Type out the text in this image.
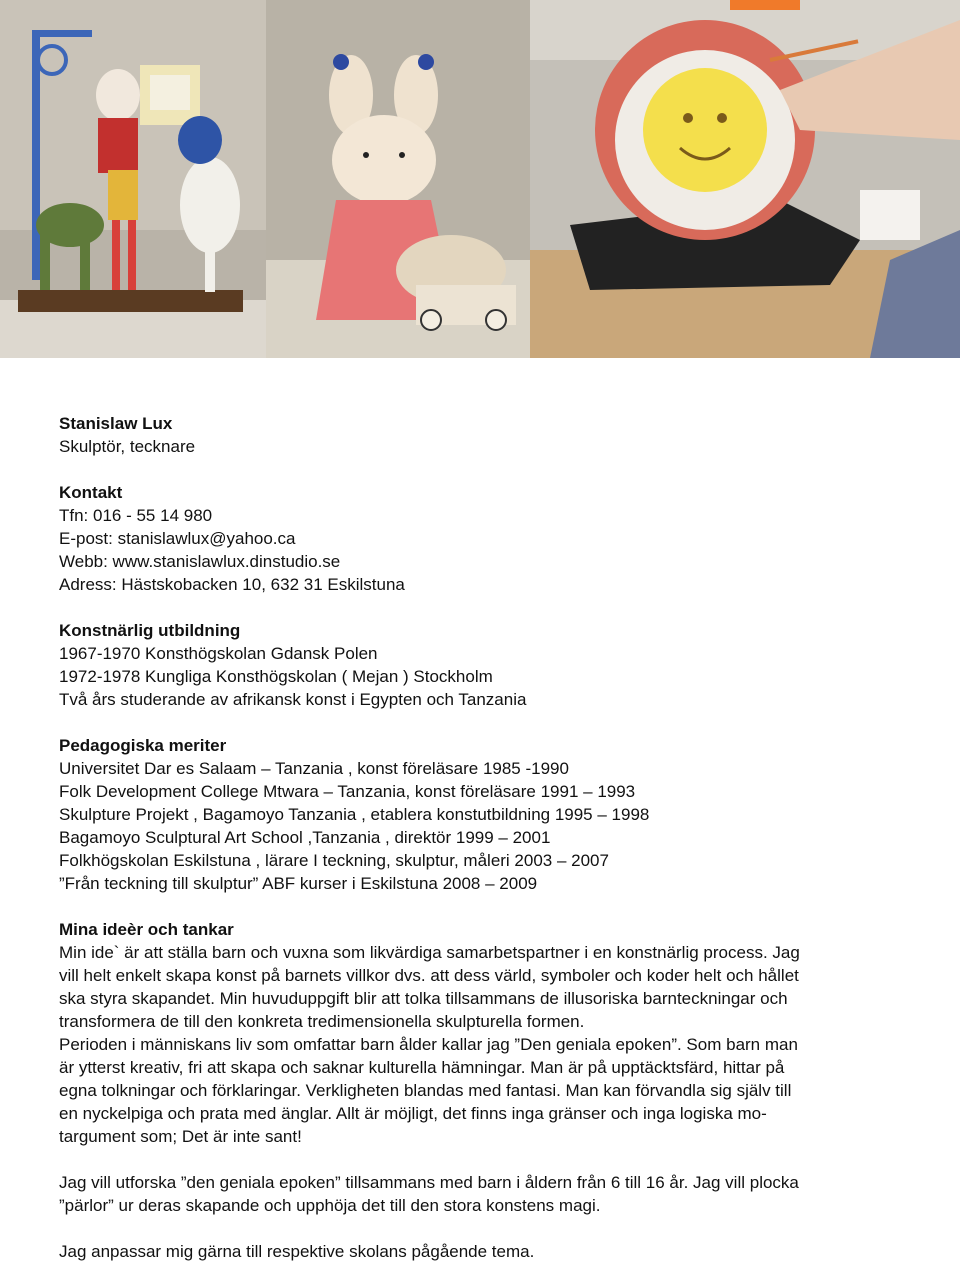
Stanislaw Lux

Skulptör, tecknare

Kontakt

Tfn: 016 - 55 14 980

E-post: stanislawlux@yahoo.ca

Webb: www.stanislawlux.dinstudio.se

Adress: Hästskobacken 10, 632 31 Eskilstuna

Konstnärlig utbildning

1967-1970 Konsthögskolan Gdansk Polen

1972-1978 Kungliga Konsthögskolan ( Mejan ) Stockholm

Två års studerande av afrikansk konst i Egypten och Tanzania

Pedagogiska meriter

Universitet Dar es Salaam – Tanzania , konst föreläsare 1985 -1990

Folk Development College Mtwara – Tanzania, konst föreläsare 1991 – 1993

Skulpture Projekt , Bagamoyo Tanzania , etablera konstutbildning 1995 – 1998

Bagamoyo Sculptural Art School ,Tanzania , direktör 1999 – 2001

Folkhögskolan Eskilstuna , lärare I teckning, skulptur, måleri 2003 – 2007

”Från teckning till skulptur” ABF kurser i Eskilstuna 2008 – 2009

Mina ideèr och tankar

Min ide` är att ställa barn och vuxna som likvärdiga samarbetspartner i en konstnärlig process. Jag

vill helt enkelt skapa konst på barnets villkor dvs. att dess värld, symboler och koder helt och hållet

ska styra skapandet. Min huvuduppgift blir att tolka tillsammans de illusoriska barnteckningar och

transformera de till den konkreta tredimensionella skulpturella formen.

Perioden i människans liv som omfattar barn ålder kallar jag ”Den geniala epoken”. Som barn man

är ytterst kreativ, fri att skapa och saknar kulturella hämningar. Man är på upptäcktsfärd, hittar på

egna tolkningar och förklaringar. Verkligheten blandas med fantasi. Man kan förvandla sig själv till

en nyckelpiga och prata med änglar. Allt är möjligt, det finns inga gränser och inga logiska mo-

targument som; Det är inte sant!

Jag vill utforska ”den geniala epoken” tillsammans med barn i åldern från 6 till 16 år. Jag vill plocka

”pärlor” ur deras skapande och upphöja det till den stora konstens magi.

Jag anpassar mig gärna till respektive skolans pågående tema.
